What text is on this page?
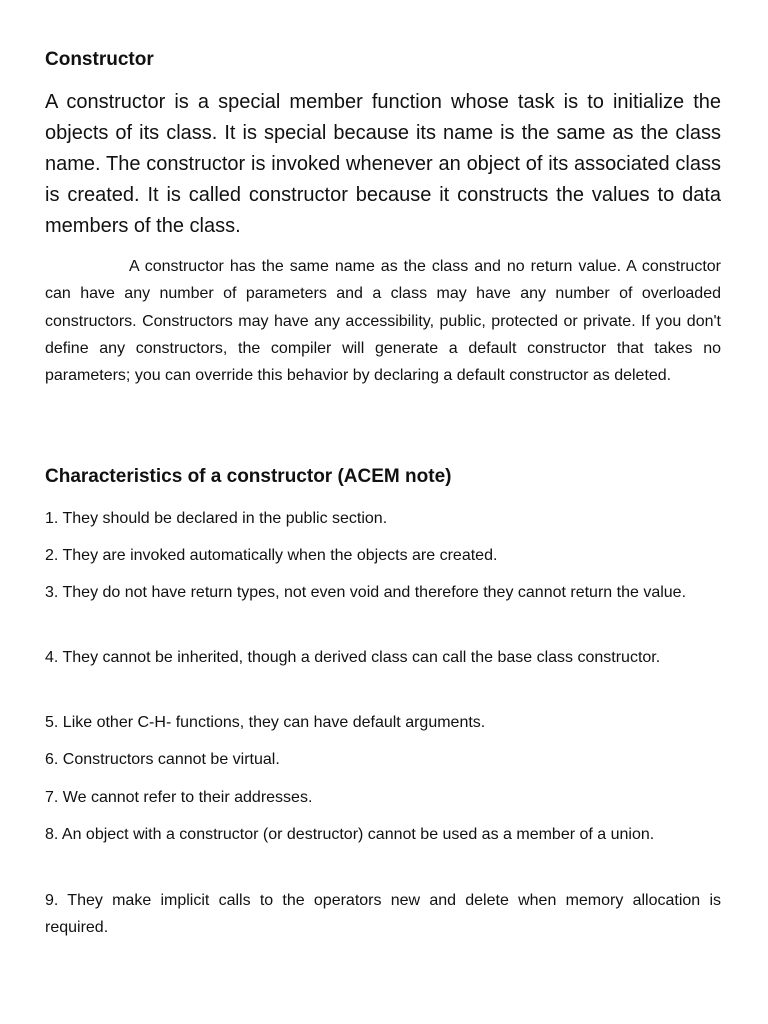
Constructor

A constructor is a special member function whose task is to initialize the objects of its class. It is special because its name is the same as the class name. The constructor is invoked whenever an object of its associated class is created. It is called constructor because it constructs the values to data members of the class.

A constructor has the same name as the class and no return value. A constructor can have any number of parameters and a class may have any number of overloaded constructors. Constructors may have any accessibility, public, protected or private. If you don't define any constructors, the compiler will generate a default constructor that takes no parameters; you can override this behavior by declaring a default constructor as deleted.

Characteristics of a constructor (ACEM note)
1. They should be declared in the public section.
2. They are invoked automatically when the objects are created.
3. They do not have return types, not even void and therefore they cannot return the value.
4. They cannot be inherited, though a derived class can call the base class constructor.
5. Like other C-H- functions, they can have default arguments.
6. Constructors cannot be virtual.
7. We cannot refer to their addresses.
8. An object with a constructor (or destructor) cannot be used as a member of a union.
9. They make implicit calls to the operators new and delete when memory allocation is required.
